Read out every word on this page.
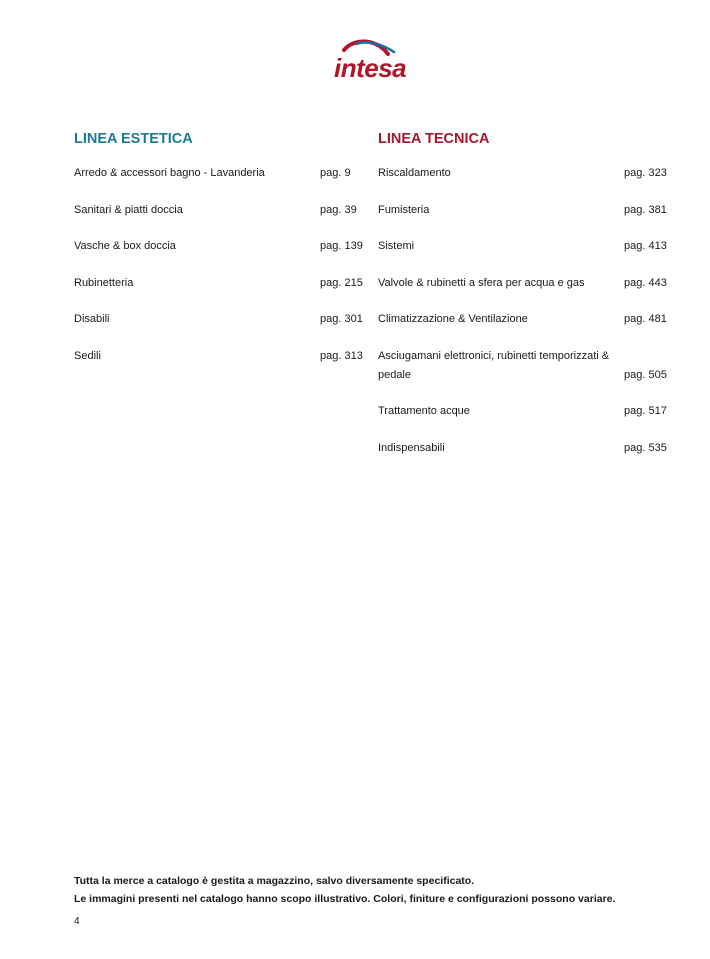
intesa
LINEA ESTETICA
Arredo & accessori bagno - Lavanderia	pag. 9
Sanitari & piatti doccia	pag. 39
Vasche & box doccia	pag. 139
Rubinetteria	pag. 215
Disabili	pag. 301
Sedili	pag. 313
LINEA TECNICA
Riscaldamento	pag. 323
Fumisteria	pag. 381
Sistemi	pag. 413
Valvole & rubinetti a sfera per acqua e gas	pag. 443
Climatizzazione & Ventilazione	pag. 481
Asciugamani elettronici, rubinetti temporizzati & pedale	pag. 505
Trattamento acque	pag. 517
Indispensabili	pag. 535
Tutta la merce a catalogo è gestita a magazzino, salvo diversamente specificato.
Le immagini presenti nel catalogo hanno scopo illustrativo. Colori, finiture e configurazioni possono variare.
4
